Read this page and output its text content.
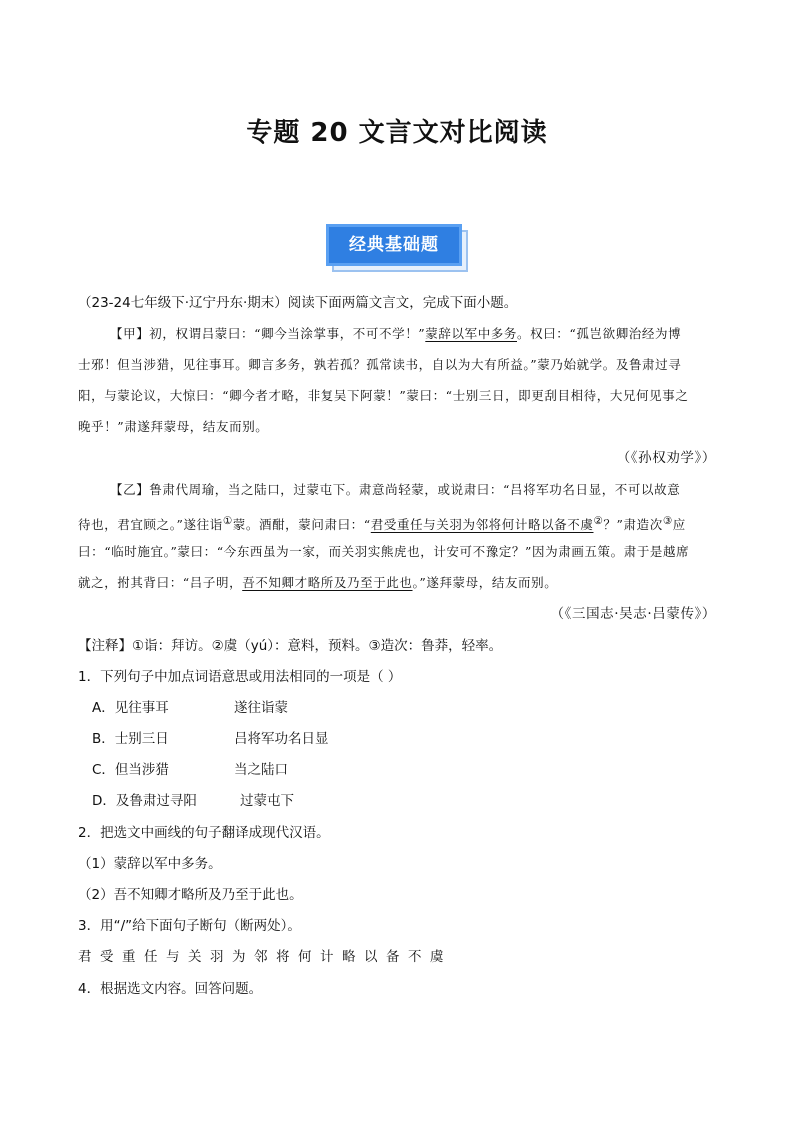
专题 20 文言文对比阅读
经典基础题
（23-24七年级下·辽宁丹东·期末）阅读下面两篇文言文，完成下面小题。
【甲】初，权谓吕蒙曰：“卿今当涂掌事，不可不学！”蒙辞以军中多务。权曰：“孤岂欲卿治经为博
士邪！但当涉猎，见往事耳。卿言多务，孰若孤？孤常读书，自以为大有所益。”蒙乃始就学。及鲁肃过寻
阳，与蒙论议，大惊曰：“卿今者才略，非复吴下阿蒙！”蒙曰：“士别三日，即更刮目相待，大兄何见事之
晚乎！”肃遂拜蒙母，结友而别。
（《孙权劝学》）
【乙】鲁肃代周瑜，当之陆口，过蒙屯下。肃意尚轻蒙，或说肃曰：“吕将军功名日显，不可以故意
待也，君宜顾之。”遂往诣①蒙。酒酣，蒙问肃曰：“君受重任与关羽为邻将何计略以备不虞②？”肃造次③应
曰：“临时施宜。”蒙曰：“今东西虽为一家，而关羽实熊虎也，计安可不豫定？”因为肃画五策。肃于是越席
就之，拊其背曰：“吕子明，吾不知卿才略所及乃至于此也。”遂拜蒙母，结友而别。
（《三国志·吴志·吕蒙传》）
【注释】①诣：拜访。②虞（yú）：意料，预料。③造次：鲁莽，轻率。
1．下列句子中加点词语意思或用法相同的一项是（ ）
A．见往事耳	遂往诣蒙
B．士别三日	吕将军功名日显
C．但当涉猎	当之陆口
D．及鲁肃过寻阳	过蒙屯下
2．把选文中画线的句子翻译成现代汉语。
（1）蒙辞以军中多务。
（2）吾不知卿才略所及乃至于此也。
3．用“/”给下面句子断句（断两处）。
君受重任与关羽为邻将何计略以备不虞
4．根据选文内容。回答问题。
